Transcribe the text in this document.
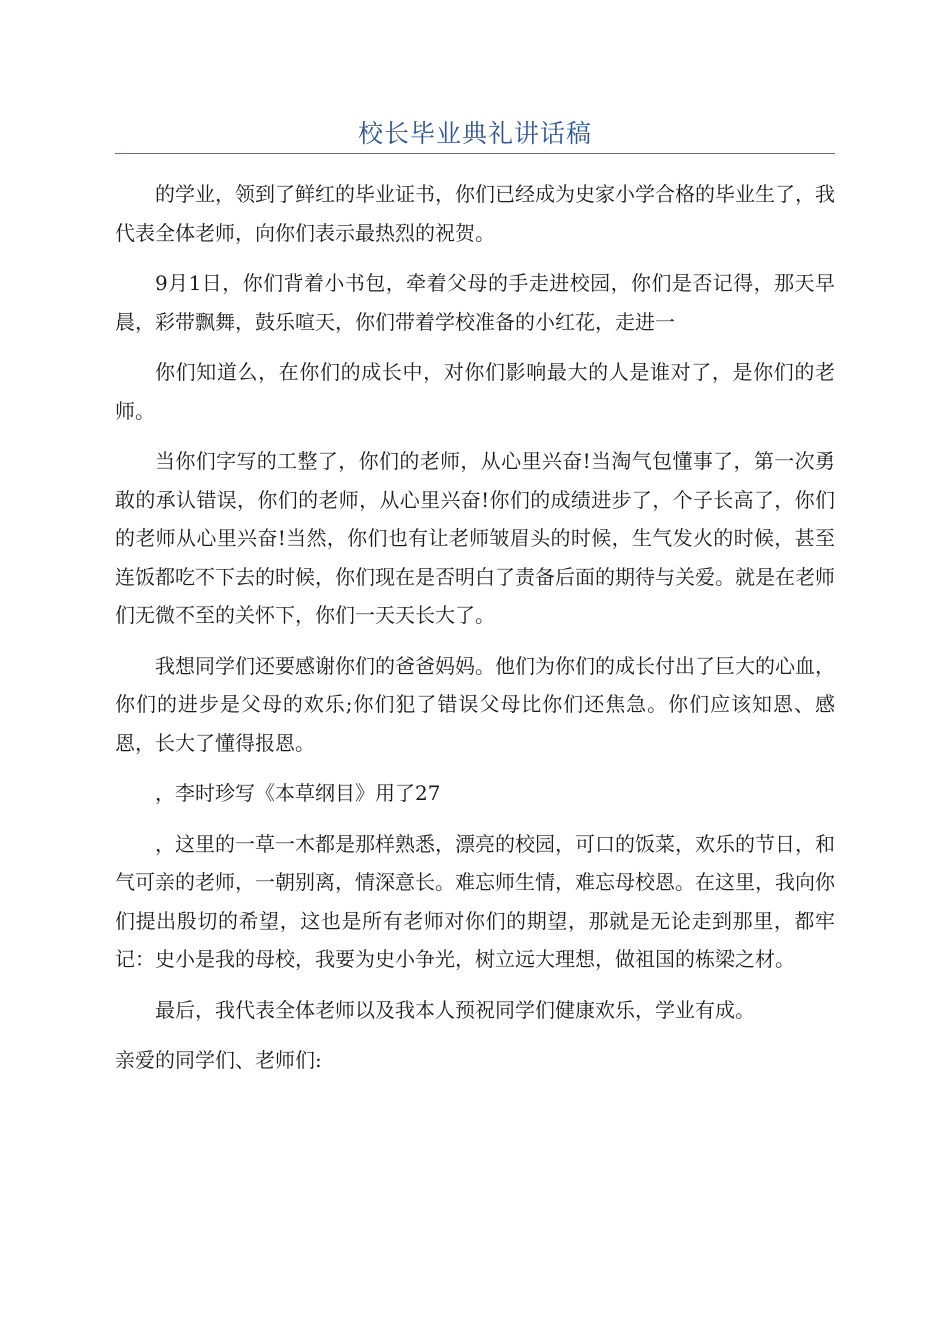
校长毕业典礼讲话稿

的学业，领到了鲜红的毕业证书，你们已经成为史家小学合格的毕业生了，我代表全体老师，向你们表示最热烈的祝贺。

9月1日，你们背着小书包，牵着父母的手走进校园，你们是否记得，那天早晨，彩带飘舞，鼓乐喧天，你们带着学校准备的小红花，走进一

你们知道么，在你们的成长中，对你们影响最大的人是谁对了，是你们的老师。

当你们字写的工整了，你们的老师，从心里兴奋!当淘气包懂事了，第一次勇敢的承认错误，你们的老师，从心里兴奋!你们的成绩进步了，个子长高了，你们的老师从心里兴奋!当然，你们也有让老师皱眉头的时候，生气发火的时候，甚至连饭都吃不下去的时候，你们现在是否明白了责备后面的期待与关爱。就是在老师们无微不至的关怀下，你们一天天长大了。

我想同学们还要感谢你们的爸爸妈妈。他们为你们的成长付出了巨大的心血，你们的进步是父母的欢乐;你们犯了错误父母比你们还焦急。你们应该知恩、感恩，长大了懂得报恩。

，李时珍写《本草纲目》用了27

，这里的一草一木都是那样熟悉，漂亮的校园，可口的饭菜，欢乐的节日，和气可亲的老师，一朝别离，情深意长。难忘师生情，难忘母校恩。在这里，我向你们提出殷切的希望，这也是所有老师对你们的期望，那就是无论走到那里，都牢记：史小是我的母校，我要为史小争光，树立远大理想，做祖国的栋梁之材。

最后，我代表全体老师以及我本人预祝同学们健康欢乐，学业有成。

亲爱的同学们、老师们:
